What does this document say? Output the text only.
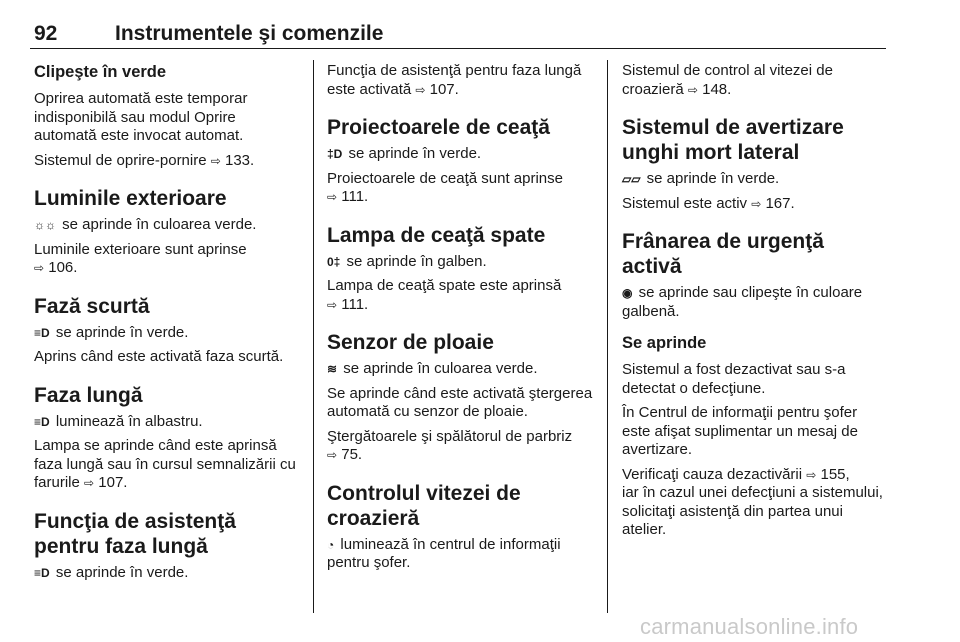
92	Instrumentele şi comenzile
Clipeşte în verde

Oprirea automată este temporar indisponibilă sau modul Oprire automată este invocat automat.

Sistemul de oprire-pornire ⇨ 133.

Luminile exterioare

☼☼ se aprinde în culoarea verde.

Luminile exterioare sunt aprinse
⇨ 106.

Fază scurtă

≡D se aprinde în verde.

Aprins când este activată faza scurtă.

Faza lungă

≡D luminează în albastru.

Lampa se aprinde când este aprinsă faza lungă sau în cursul semnalizării cu farurile ⇨ 107.

Funcţia de asistenţă pentru faza lungă

≡D se aprinde în verde.

Funcţia de asistenţă pentru faza lungă este activată ⇨ 107.

Proiectoarele de ceaţă

‡D se aprinde în verde.

Proiectoarele de ceaţă sunt aprinse
⇨ 111.

Lampa de ceaţă spate

0‡ se aprinde în galben.

Lampa de ceaţă spate este aprinsă
⇨ 111.

Senzor de ploaie

≋ se aprinde în culoarea verde.

Se aprinde când este activată ştergerea automată cu senzor de ploaie.

Ştergătoarele şi spălătorul de parbriz
⇨ 75.

Controlul vitezei de croazieră

◔ luminează în centrul de informaţii pentru şofer.

Sistemul de control al vitezei de croazieră ⇨ 148.

Sistemul de avertizare unghi mort lateral

▱▱ se aprinde în verde.

Sistemul este activ ⇨ 167.

Frânarea de urgenţă activă

◉ se aprinde sau clipeşte în culoare galbenă.

Se aprinde

Sistemul a fost dezactivat sau s-a detectat o defecţiune.

În Centrul de informaţii pentru şofer este afişat suplimentar un mesaj de avertizare.

Verificaţi cauza dezactivării ⇨ 155,
iar în cazul unei defecţiuni a sistemului, solicitaţi asistenţă din partea unui atelier.

carmanualsonline.info
